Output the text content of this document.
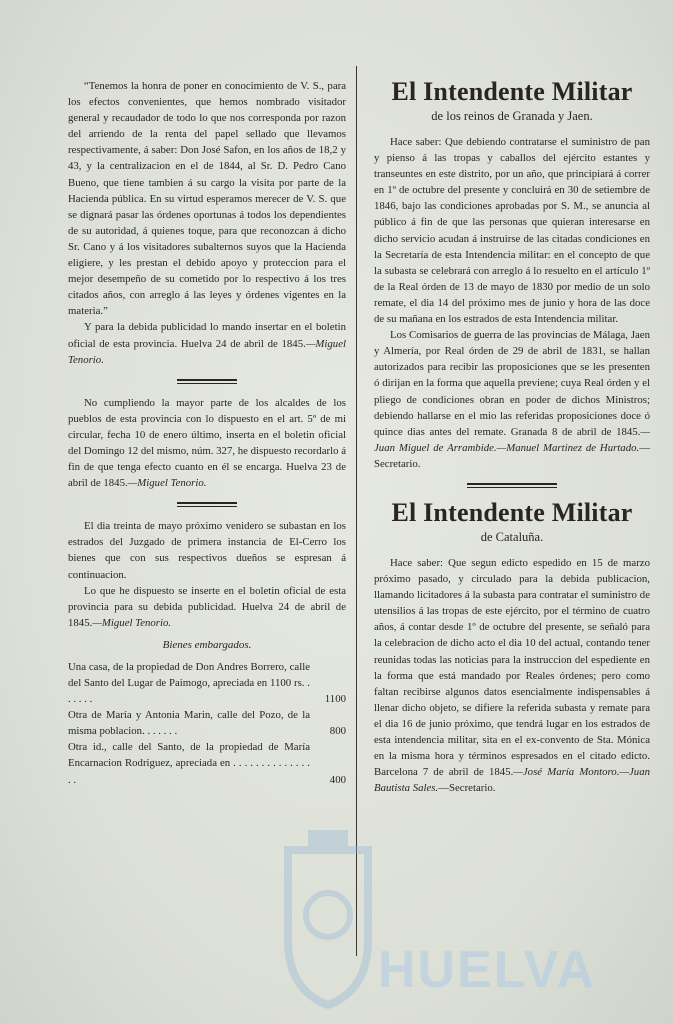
“Tenemos la honra de poner en conocimiento de V. S., para los efectos convenientes, que hemos nombrado visitador general y recaudador de todo lo que nos corresponda por razon del arriendo de la renta del papel sellado que llevamos respectivamente, á saber: Don José Safon, en los años de 18,2 y 43, y la centralizacion en el de 1844, al Sr. D. Pedro Cano Bueno, que tiene tambien á su cargo la visita por parte de la Hacienda pública. En su virtud esperamos merecer de V. S. que se dignará pasar las órdenes oportunas á todos los dependientes de su autoridad, á quienes toque, para que reconozcan á dicho Sr. Cano y á los visitadores subalternos suyos que la Hacienda eligiere, y les prestan el debido apoyo y proteccion para el mejor desempeño de su cometido por lo respectivo á los tres citados años, con arreglo á las leyes y órdenes vigentes en la materia.”

Y para la debida publicidad lo mando insertar en el boletin oficial de esta provincia. Huelva 24 de abril de 1845.—Miguel Tenorio.

No cumpliendo la mayor parte de los alcaldes de los pueblos de esta provincia con lo dispuesto en el art. 5º de mi circular, fecha 10 de enero último, inserta en el boletin oficial del Domingo 12 del mismo, núm. 327, he dispuesto recordarlo á fin de que tenga efecto cuanto en él se encarga. Huelva 23 de abril de 1845.—Miguel Tenorio.

El dia treinta de mayo próximo venidero se subastan en los estrados del Juzgado de primera instancia de El-Cerro los bienes que con sus respectivos dueños se espresan á continuacion.

Lo que he dispuesto se inserte en el boletin oficial de esta provincia para su debida publicidad. Huelva 24 de abril de 1845.—Miguel Tenorio.

Bienes embargados.
Una casa, de la propiedad de Don Andres Borrero, calle del Santo del Lugar de Paimogo, apreciada en 1100 rs. . . . . . .	1100
Otra de María y Antonia Marin, calle del Pozo, de la misma poblacion. . . . . . .	800
Otra id., calle del Santo, de la propiedad de María Encarnacion Rodriguez, apreciada en . . . . . . . . . . . . . . . .	400
El Intendente Militar
de los reinos de Granada y Jaen.

Hace saber: Que debiendo contratarse el suministro de pan y pienso á las tropas y caballos del ejército estantes y transeuntes en este distrito, por un año, que principiará á correr en 1º de octubre del presente y concluirá en 30 de setiembre de 1846, bajo las condiciones aprobadas por S. M., se anuncia al público á fin de que las personas que quieran interesarse en dicho servicio acudan á instruirse de las citadas condiciones en la Secretaría de esta Intendencia militar: en el concepto de que la subasta se celebrará con arreglo á lo resuelto en el artículo 1º de la Real órden de 13 de mayo de 1830 por medio de un solo remate, el dia 14 del próximo mes de junio y hora de las doce de su mañana en los estrados de esta Intendencia militar.

Los Comisarios de guerra de las provincias de Málaga, Jaen y Almería, por Real órden de 29 de abril de 1831, se hallan autorizados para recibir las proposiciones que se les presenten ó dirijan en la forma que aquella previene; cuya Real órden y el pliego de condiciones obran en poder de dichos Ministros; debiendo hallarse en el mio las referidas proposiciones doce ó quince dias antes del remate. Granada 8 de abril de 1845.—Juan Miguel de Arrambide.—Manuel Martinez de Hurtado.—Secretario.

El Intendente Militar
de Cataluña.

Hace saber: Que segun edicto espedido en 15 de marzo próximo pasado, y circulado para la debida publicacion, llamando licitadores á la subasta para contratar el suministro de utensilios á las tropas de este ejército, por el término de cuatro años, á contar desde 1º de octubre del presente, se señaló para la celebracion de dicho acto el dia 10 del actual, contando tener reunidas todas las noticias para la instruccion del espediente en la forma que está mandado por Reales órdenes; pero como faltan recibirse algunos datos esencialmente indispensables á llenar dicho objeto, se difiere la referida subasta y remate para el dia 16 de junio próximo, que tendrá lugar en los estrados de esta intendencia militar, sita en el ex-convento de Sta. Mónica en la misma hora y términos espresados en el citado edicto. Barcelona 7 de abril de 1845.—José María Montoro.—Juan Bautista Sales.—Secretario.

HUELVA
